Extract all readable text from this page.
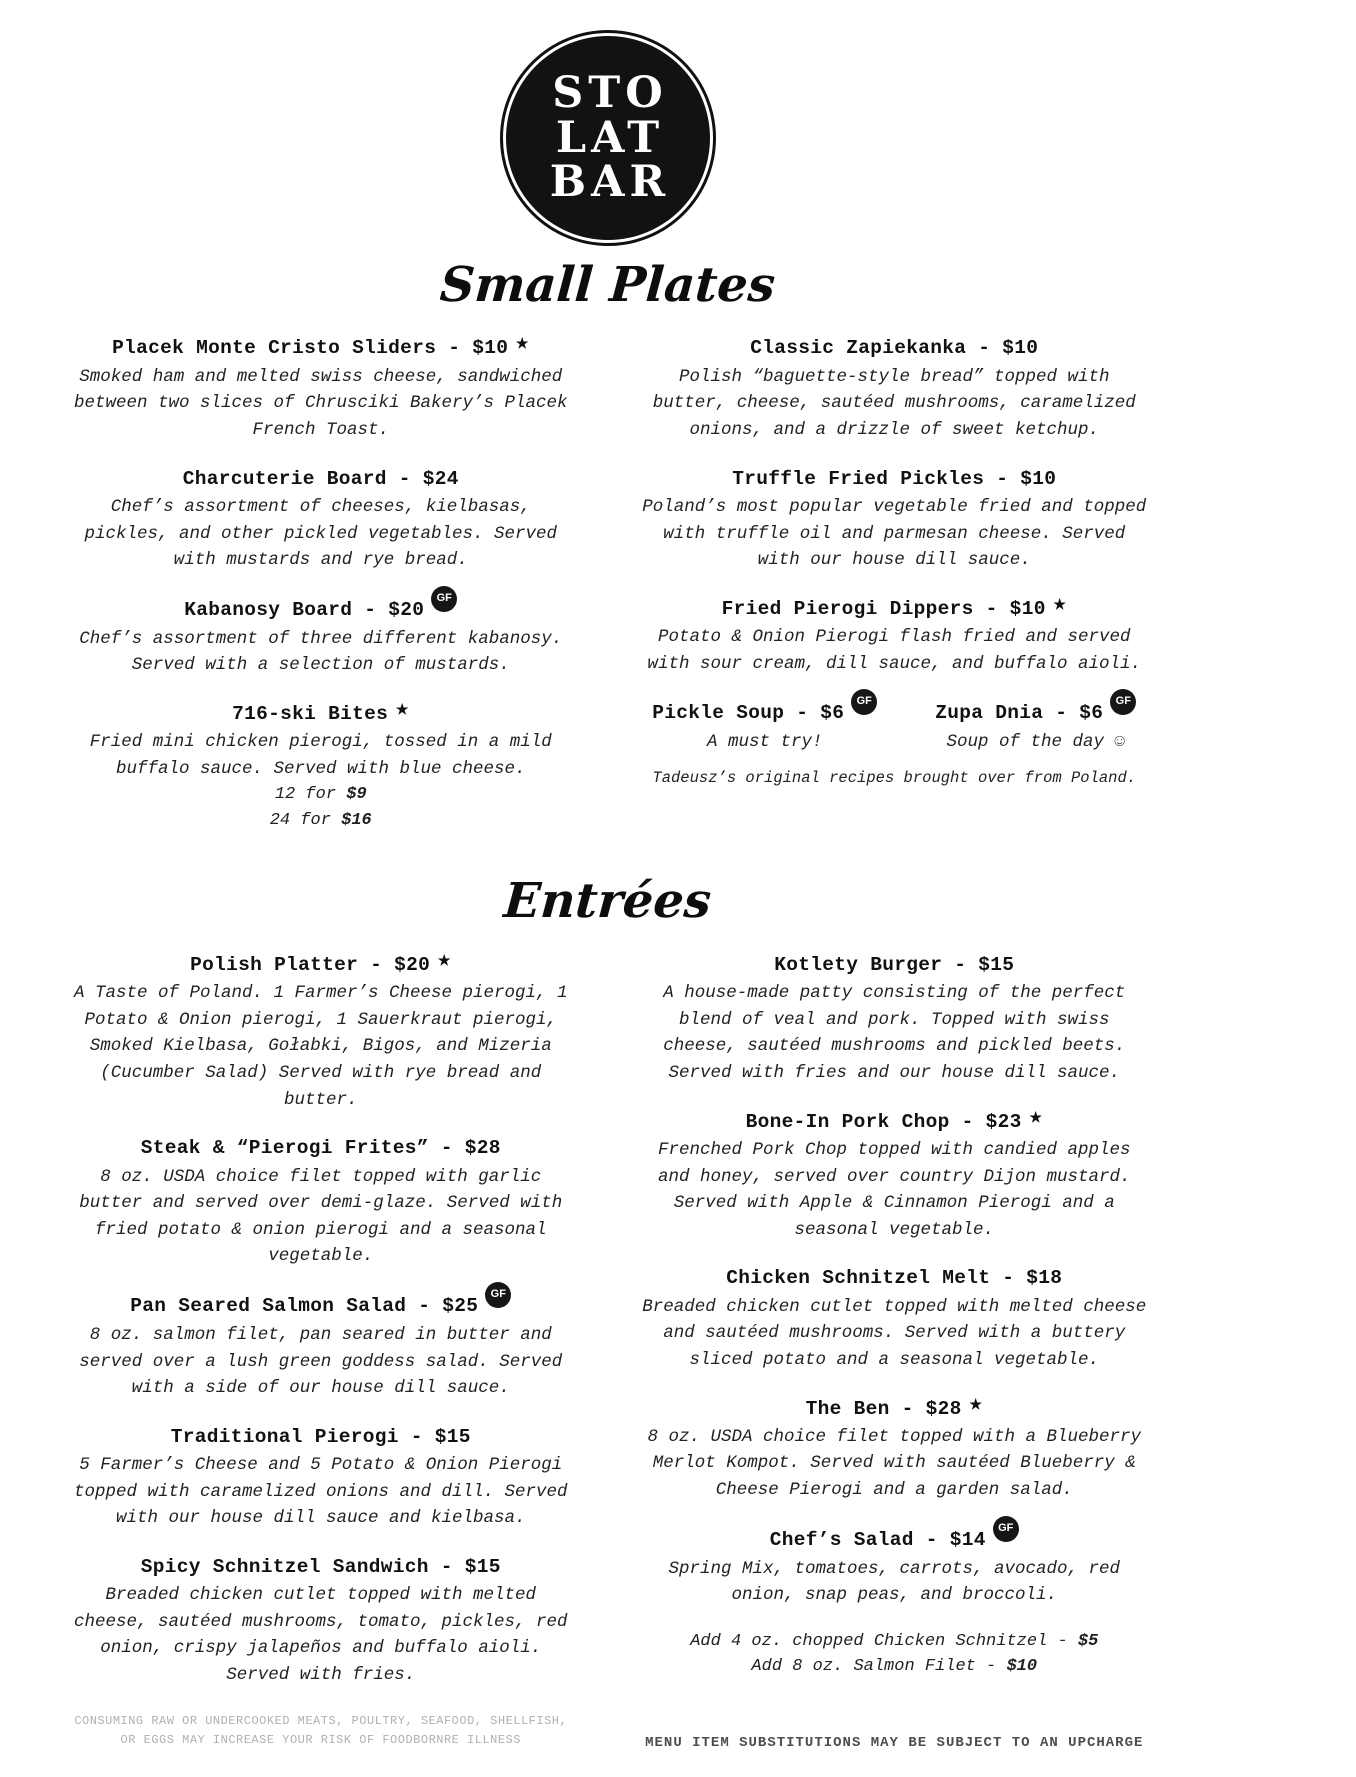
STO
LAT
BAR
Small Plates
Placek Monte Cristo Sliders - $10 ★
Smoked ham and melted swiss cheese, sandwiched between two slices of Chrusciki Bakery’s Placek French Toast.
Charcuterie Board - $24
Chef’s assortment of cheeses, kielbasas, pickles, and other pickled vegetables. Served with mustards and rye bread.
Kabanosy Board - $20
GF
Chef’s assortment of three different kabanosy. Served with a selection of mustards.
716-ski Bites ★
Fried mini chicken pierogi, tossed in a mild buffalo sauce. Served with blue cheese.
12 for $9
24 for $16
Classic Zapiekanka - $10
Polish “baguette-style bread” topped with butter, cheese, sautéed mushrooms, caramelized onions, and a drizzle of sweet ketchup.
Truffle Fried Pickles - $10
Poland’s most popular vegetable fried and topped with truffle oil and parmesan cheese. Served with our house dill sauce.
Fried Pierogi Dippers - $10 ★
Potato & Onion Pierogi flash fried and served with sour cream, dill sauce, and buffalo aioli.
Pickle Soup - $6
GF
A must try!
Zupa Dnia - $6
GF
Soup of the day ☺
Tadeusz’s original recipes brought over from Poland.
Entrées
Polish Platter - $20 ★
A Taste of Poland. 1 Farmer’s Cheese pierogi, 1 Potato & Onion pierogi, 1 Sauerkraut pierogi, Smoked Kielbasa, Gołabki, Bigos, and Mizeria (Cucumber Salad) Served with rye bread and butter.
Steak & “Pierogi Frites” - $28
8 oz. USDA choice filet topped with garlic butter and served over demi-glaze. Served with fried potato & onion pierogi and a seasonal vegetable.
Pan Seared Salmon Salad - $25
GF
8 oz. salmon filet, pan seared in butter and served over a lush green goddess salad. Served with a side of our house dill sauce.
Traditional Pierogi - $15
5 Farmer’s Cheese and 5 Potato & Onion Pierogi topped with caramelized onions and dill. Served with our house dill sauce and kielbasa.
Spicy Schnitzel Sandwich - $15
Breaded chicken cutlet topped with melted cheese, sautéed mushrooms, tomato, pickles, red onion, crispy jalapeños and buffalo aioli. Served with fries.
Kotlety Burger - $15
A house-made patty consisting of the perfect blend of veal and pork. Topped with swiss cheese, sautéed mushrooms and pickled beets. Served with fries and our house dill sauce.
Bone-In Pork Chop - $23 ★
Frenched Pork Chop topped with candied apples and honey, served over country Dijon mustard. Served with Apple & Cinnamon Pierogi and a seasonal vegetable.
Chicken Schnitzel Melt - $18
Breaded chicken cutlet topped with melted cheese and sautéed mushrooms. Served with a buttery sliced potato and a seasonal vegetable.
The Ben - $28 ★
8 oz. USDA choice filet topped with a Blueberry Merlot Kompot. Served with sautéed Blueberry & Cheese Pierogi and a garden salad.
Chef’s Salad - $14
GF
Spring Mix, tomatoes, carrots, avocado, red onion, snap peas, and broccoli.
Add 4 oz. chopped Chicken Schnitzel - $5
Add 8 oz. Salmon Filet - $10
CONSUMING RAW OR UNDERCOOKED MEATS, POULTRY, SEAFOOD, SHELLFISH, OR EGGS MAY INCREASE YOUR RISK OF FOODBORNRE ILLNESS	MENU ITEM SUBSTITUTIONS MAY BE SUBJECT TO AN UPCHARGE
